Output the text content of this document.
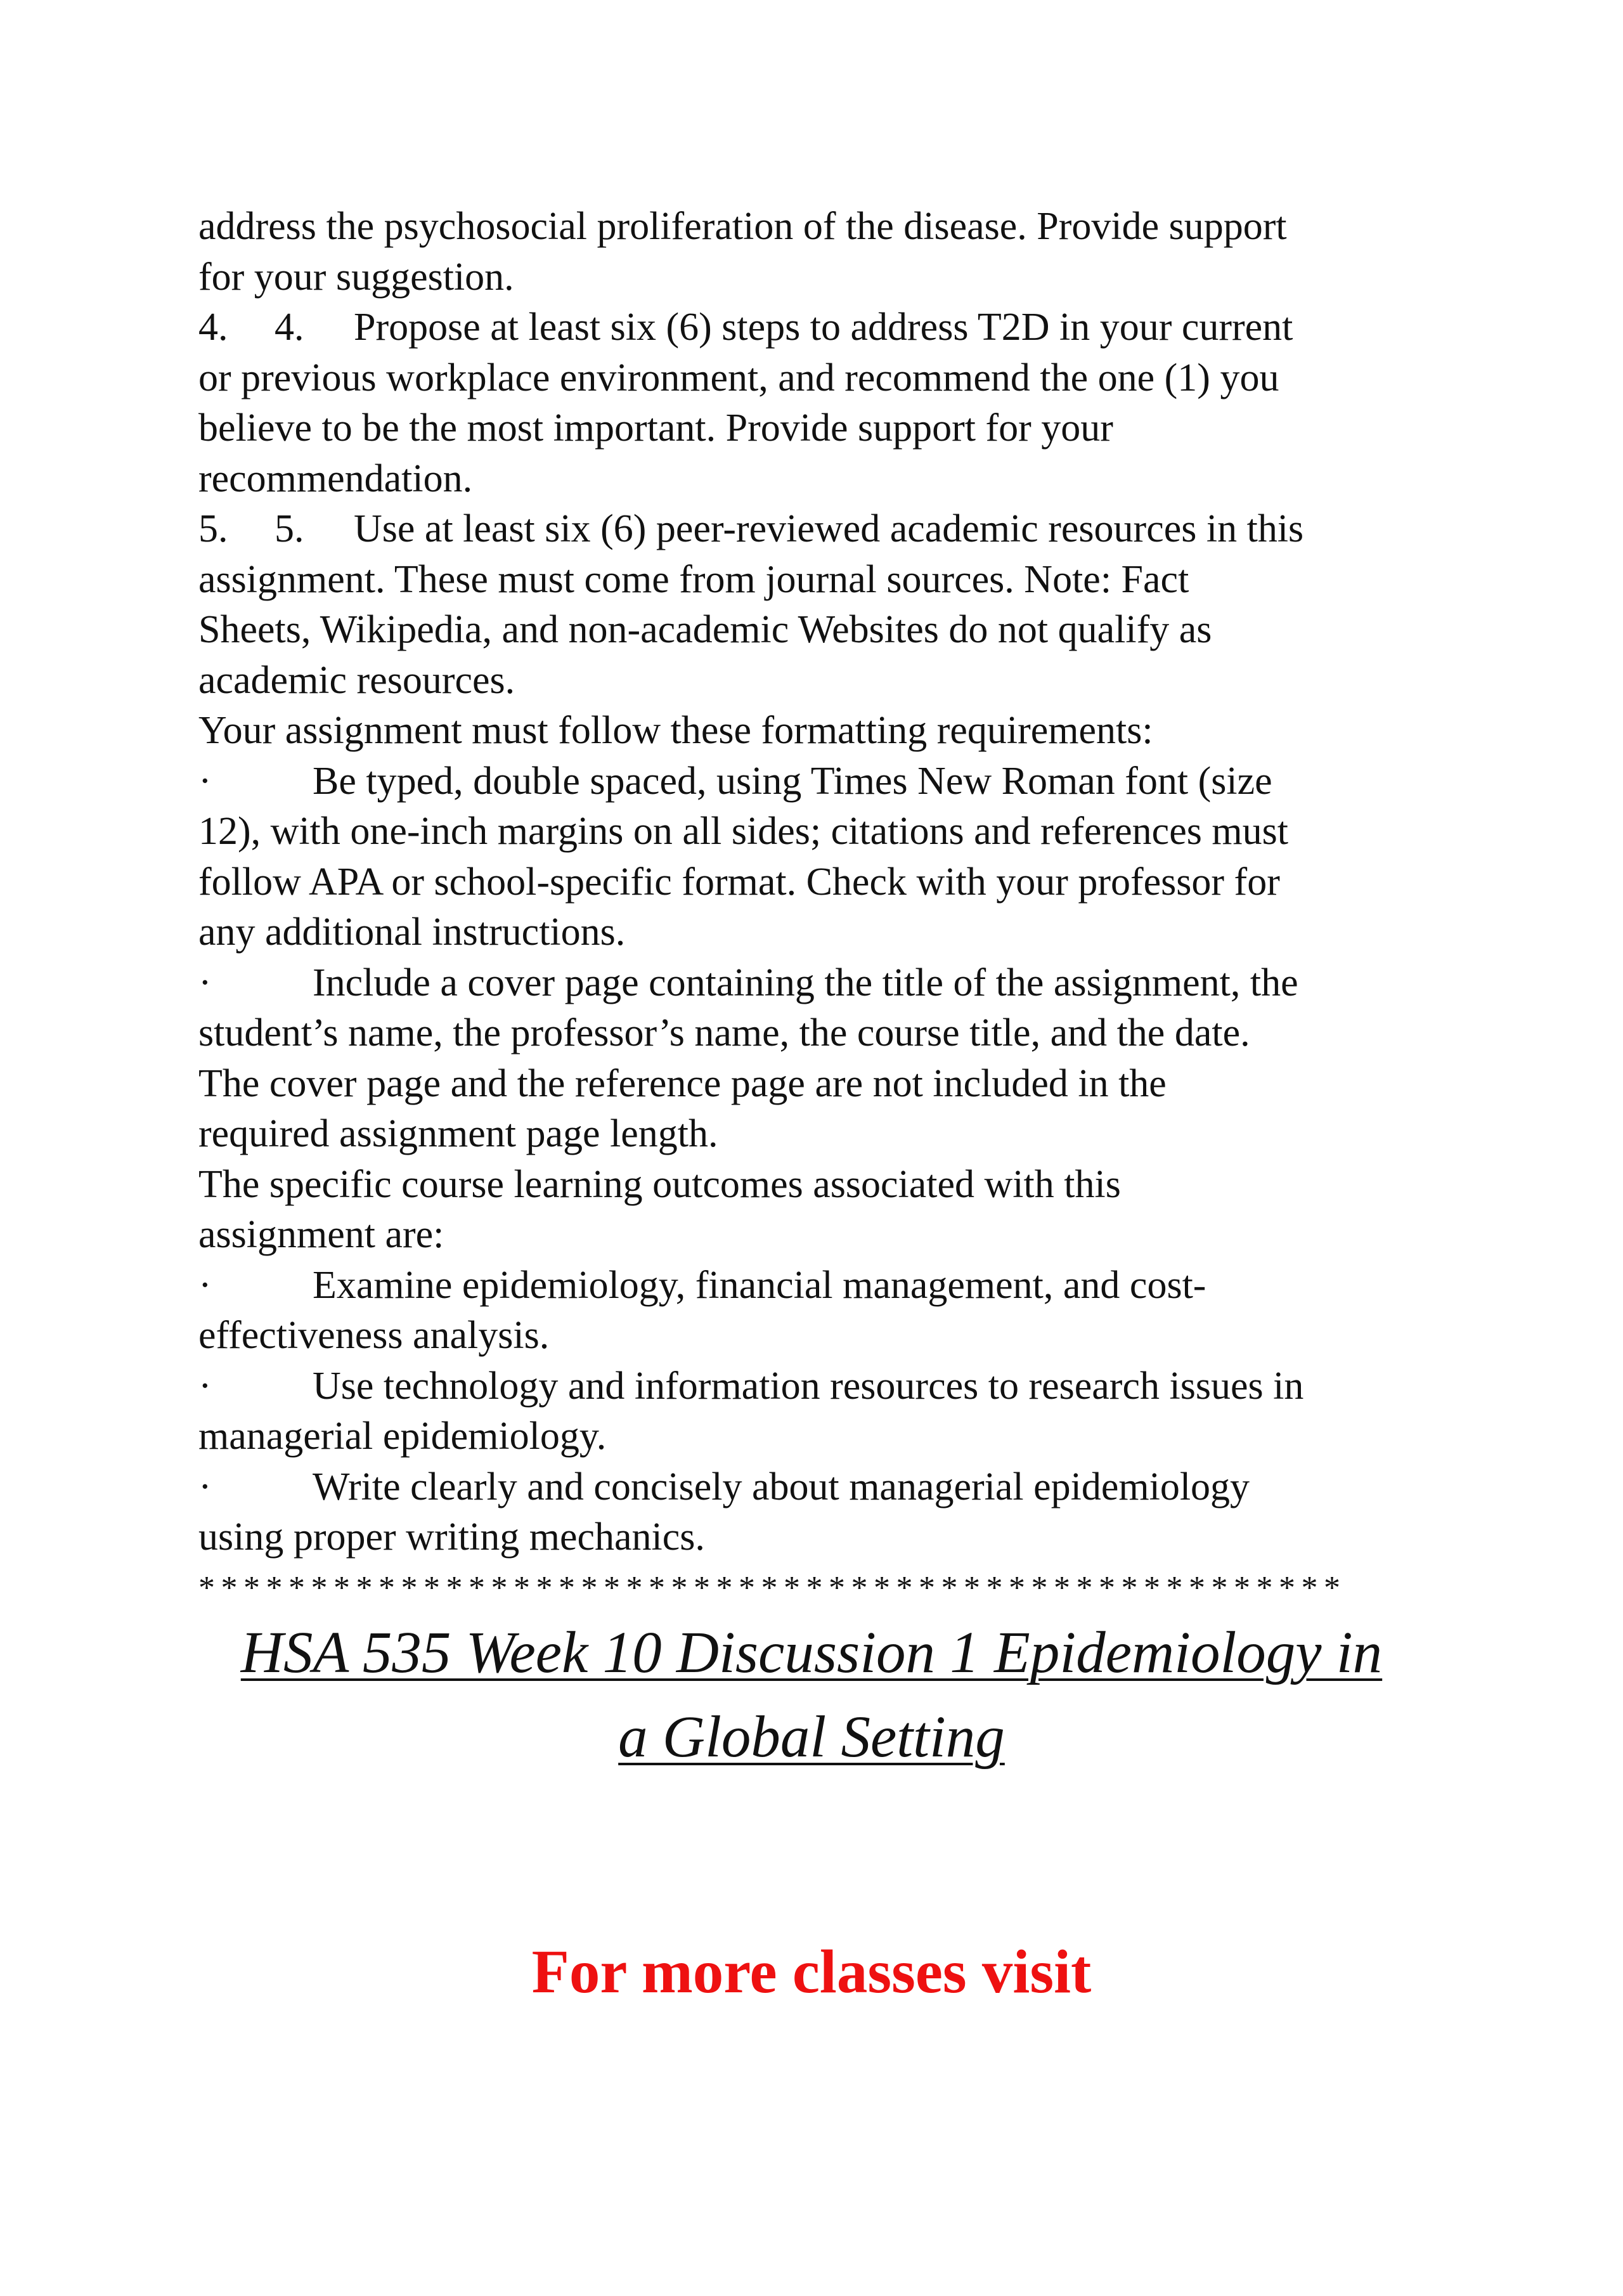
address the psychosocial proliferation of the disease. Provide support
for your suggestion.
4. 4. Propose at least six (6) steps to address T2D in your current
or previous workplace environment, and recommend the one (1) you
believe to be the most important. Provide support for your
recommendation.
5. 5. Use at least six (6) peer-reviewed academic resources in this
assignment. These must come from journal sources. Note: Fact
Sheets, Wikipedia, and non-academic Websites do not qualify as
academic resources.
Your assignment must follow these formatting requirements:
·	Be typed, double spaced, using Times New Roman font (size
12), with one-inch margins on all sides; citations and references must
follow APA or school-specific format. Check with your professor for
any additional instructions.
·	Include a cover page containing the title of the assignment, the
student’s name, the professor’s name, the course title, and the date.
The cover page and the reference page are not included in the
required assignment page length.
The specific course learning outcomes associated with this
assignment are:
·	Examine epidemiology, financial management, and cost-
effectiveness analysis.
·	Use technology and information resources to research issues in
managerial epidemiology.
·	Write clearly and concisely about managerial epidemiology
using proper writing mechanics.
***************************************************
HSA 535 Week 10 Discussion 1 Epidemiology in
a Global Setting
For more classes visit
